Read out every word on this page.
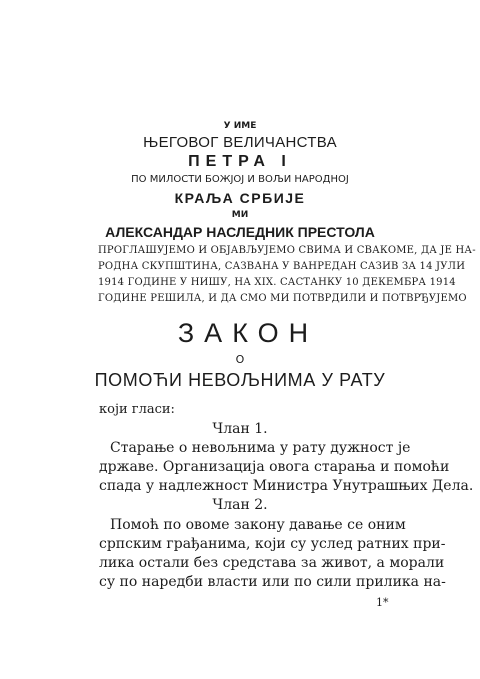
У ИМЕ
ЊЕГОВОГ ВЕЛИЧАНСТВА
ПЕТРА I
ПО МИЛОСТИ БОЖЈОЈ И ВОЉИ НАРОДНОЈ
КРАЉА СРБИЈЕ
МИ
АЛЕКСАНДАР НАСЛЕДНИК ПРЕСТОЛА
ПРОГЛАШУЈЕМО И ОБЈАВЉУЈЕМО СВИМА И СВАКОМЕ, ДА ЈЕ НА-
РОДНА СКУПШТИНА, САЗВАНА У ВАНРЕДАН САЗИВ ЗА 14 ЈУЛИ
1914 ГОДИНЕ У НИШУ, НА XIX. САСТАНКУ 10 ДЕКЕМБРА 1914
ГОДИНЕ РЕШИЛА, И ДА СМО МИ ПОТВРДИЛИ И ПОТВРЂУЈЕМО
ЗАКОН
О
ПОМОЋИ НЕВОЉНИМА У РАТУ
који гласи:
Члан 1.
Старање о невољнима у рату дужност је
државе. Организација овога старања и помоћи
спада у надлежност Министра Унутрашњих Дела.
Члан 2.
Помоћ по овоме закону давање се оним
српским грађанима, који су услед ратних при-
лика остали без средстава за живот, а морали
су по наредби власти или по сили прилика на-
1*
